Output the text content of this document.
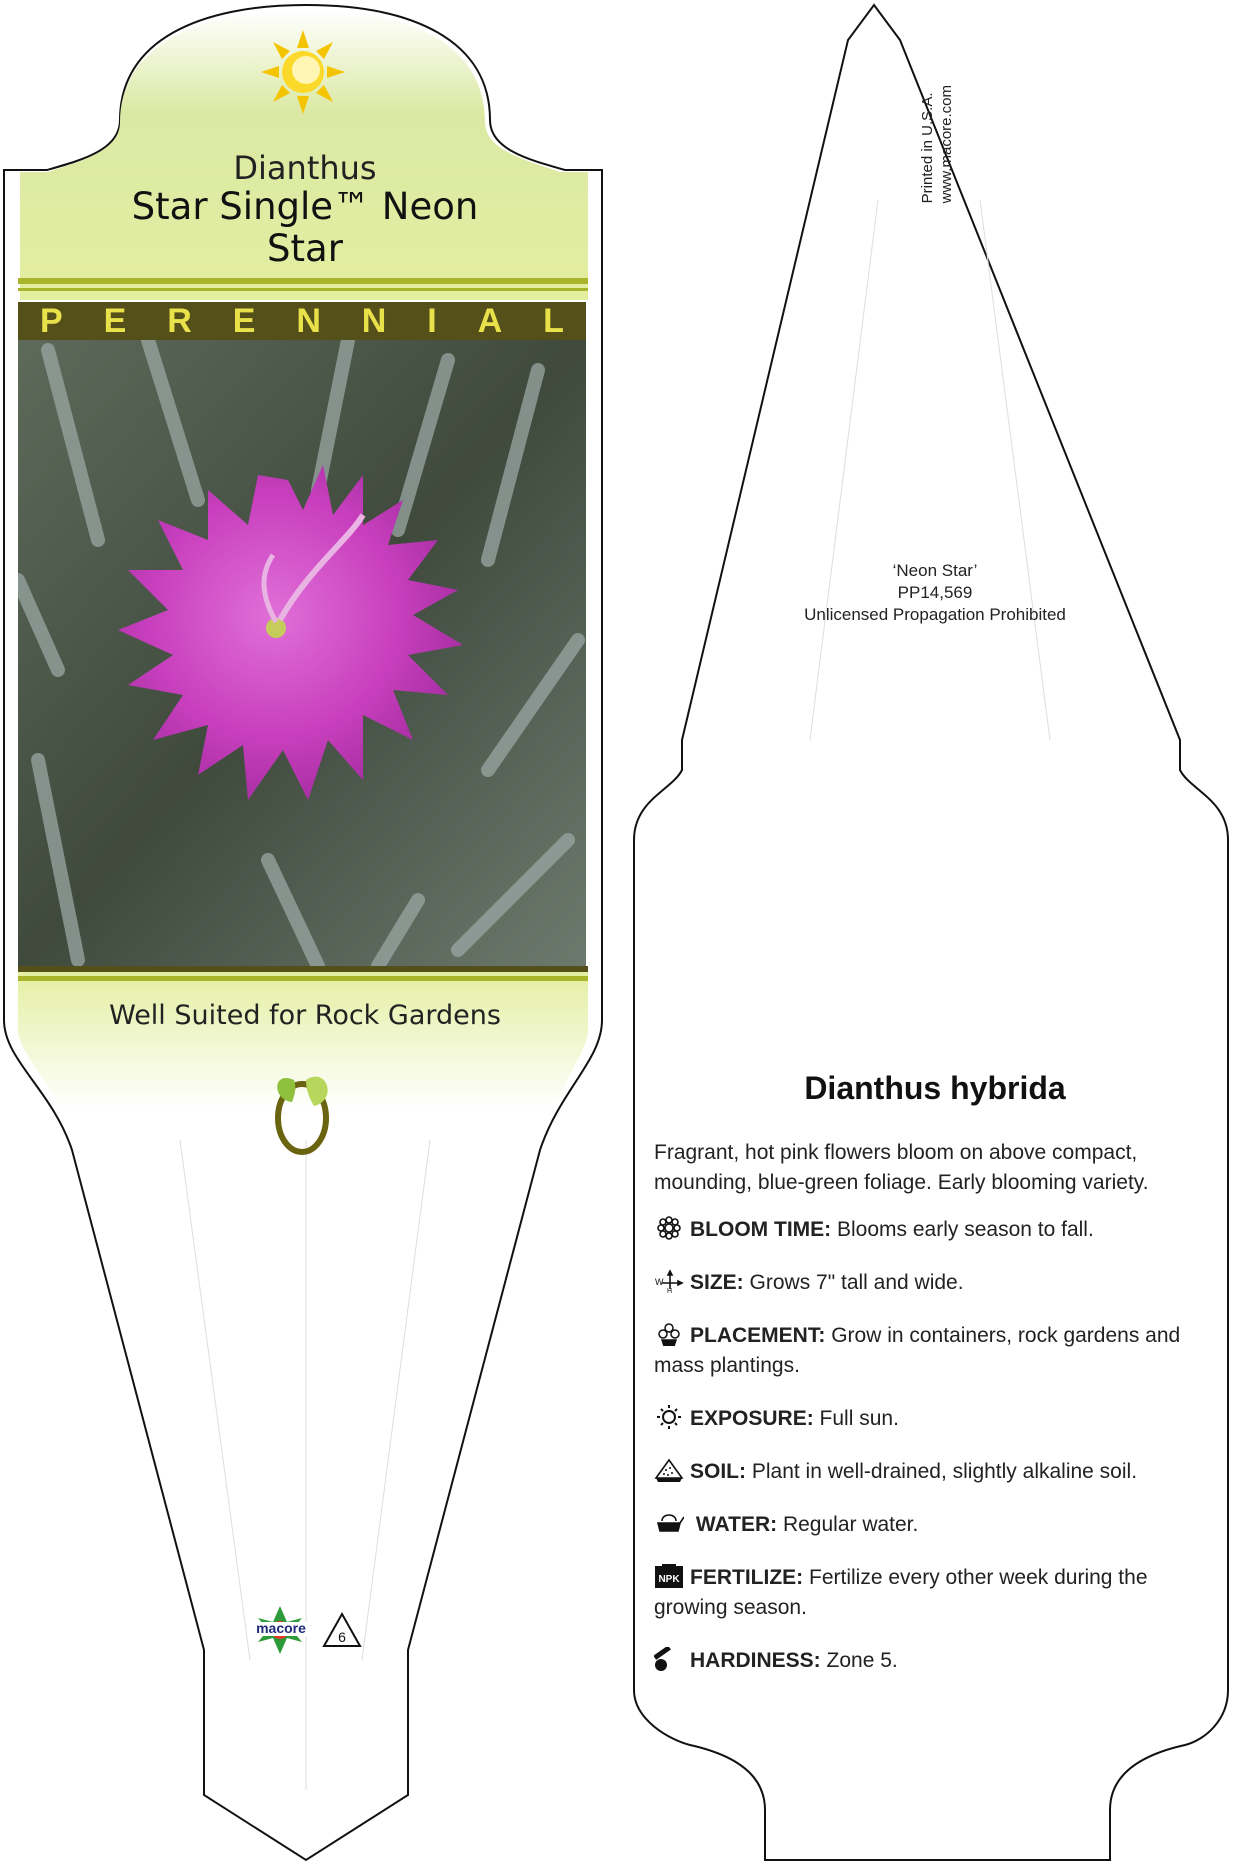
Dianthus
Star Single™ Neon
Star
P E R E N N I A L
Well Suited for Rock Gardens
macore
6
Printed in U.S.A. www.macore.com
‘Neon Star’
PP14,569
Unlicensed Propagation Prohibited
Dianthus hybrida
Fragrant, hot pink flowers bloom on above compact, mounding, blue-green foliage. Early blooming variety.
BLOOM TIME: Blooms early season to fall.
W
H SIZE: Grows 7" tall and wide.
PLACEMENT: Grow in containers, rock gardens and mass plantings.
EXPOSURE: Full sun.
SOIL: Plant in well-drained, slightly alkaline soil.
WATER: Regular water.
NPK FERTILIZE: Fertilize every other week during the growing season.
HARDINESS: Zone 5.
